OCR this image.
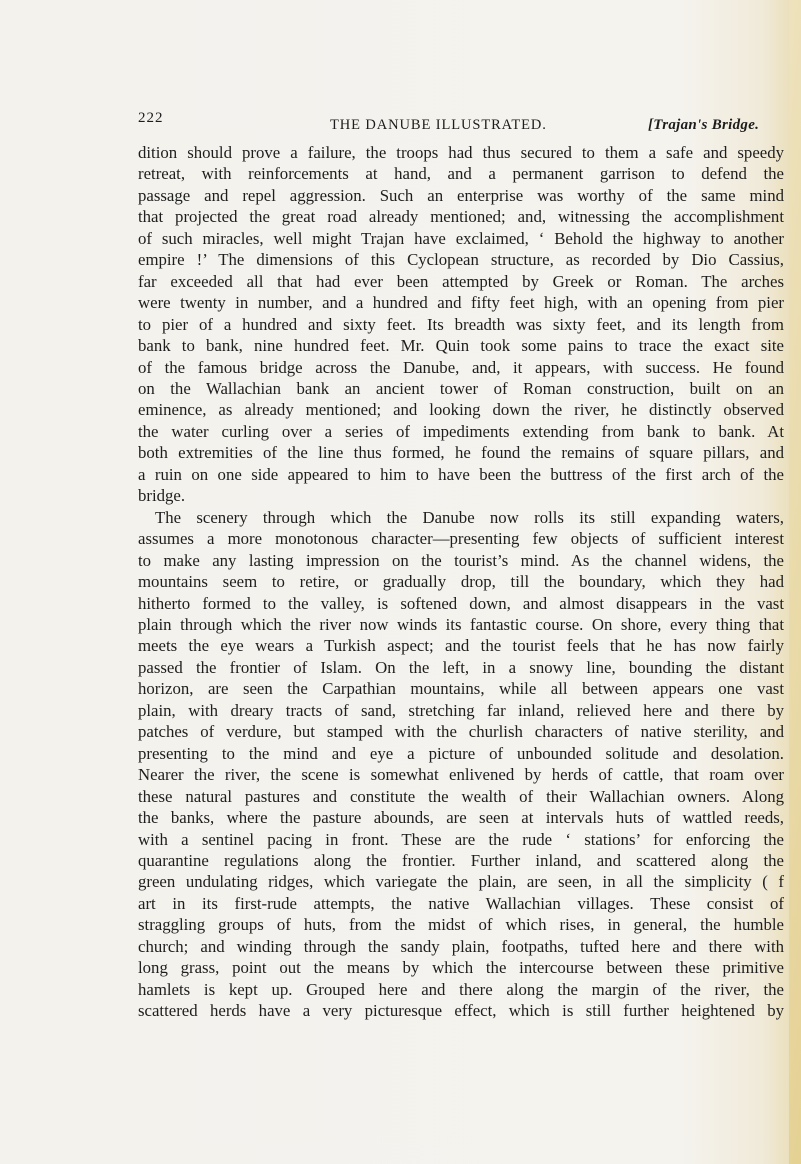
222	THE DANUBE ILLUSTRATED.	[Trajan's Bridge.
dition should prove a failure, the troops had thus secured to them a safe and speedy
retreat, with reinforcements at hand, and a permanent garrison to defend the
passage and repel aggression. Such an enterprise was worthy of the same mind
that projected the great road already mentioned; and, witnessing the accomplishment
of such miracles, well might Trajan have exclaimed, ‘ Behold the highway to another
empire !’ The dimensions of this Cyclopean structure, as recorded by Dio Cassius,
far exceeded all that had ever been attempted by Greek or Roman. The arches
were twenty in number, and a hundred and fifty feet high, with an opening from pier
to pier of a hundred and sixty feet. Its breadth was sixty feet, and its length from
bank to bank, nine hundred feet. Mr. Quin took some pains to trace the exact site
of the famous bridge across the Danube, and, it appears, with success. He found
on the Wallachian bank an ancient tower of Roman construction, built on an
eminence, as already mentioned; and looking down the river, he distinctly observed
the water curling over a series of impediments extending from bank to bank. At
both extremities of the line thus formed, he found the remains of square pillars, and
a ruin on one side appeared to him to have been the buttress of the first arch of the
bridge.
The scenery through which the Danube now rolls its still expanding waters,
assumes a more monotonous character—presenting few objects of sufficient interest
to make any lasting impression on the tourist’s mind. As the channel widens, the
mountains seem to retire, or gradually drop, till the boundary, which they had
hitherto formed to the valley, is softened down, and almost disappears in the vast
plain through which the river now winds its fantastic course. On shore, every thing that
meets the eye wears a Turkish aspect; and the tourist feels that he has now fairly
passed the frontier of Islam. On the left, in a snowy line, bounding the distant
horizon, are seen the Carpathian mountains, while all between appears one vast
plain, with dreary tracts of sand, stretching far inland, relieved here and there by
patches of verdure, but stamped with the churlish characters of native sterility, and
presenting to the mind and eye a picture of unbounded solitude and desolation.
Nearer the river, the scene is somewhat enlivened by herds of cattle, that roam over
these natural pastures and constitute the wealth of their Wallachian owners. Along
the banks, where the pasture abounds, are seen at intervals huts of wattled reeds,
with a sentinel pacing in front. These are the rude ‘ stations’ for enforcing the
quarantine regulations along the frontier. Further inland, and scattered along the
green undulating ridges, which variegate the plain, are seen, in all the simplicity ( f
art in its first-rude attempts, the native Wallachian villages. These consist of
straggling groups of huts, from the midst of which rises, in general, the humble
church; and winding through the sandy plain, footpaths, tufted here and there with
long grass, point out the means by which the intercourse between these primitive
hamlets is kept up. Grouped here and there along the margin of the river, the
scattered herds have a very picturesque effect, which is still further heightened by
